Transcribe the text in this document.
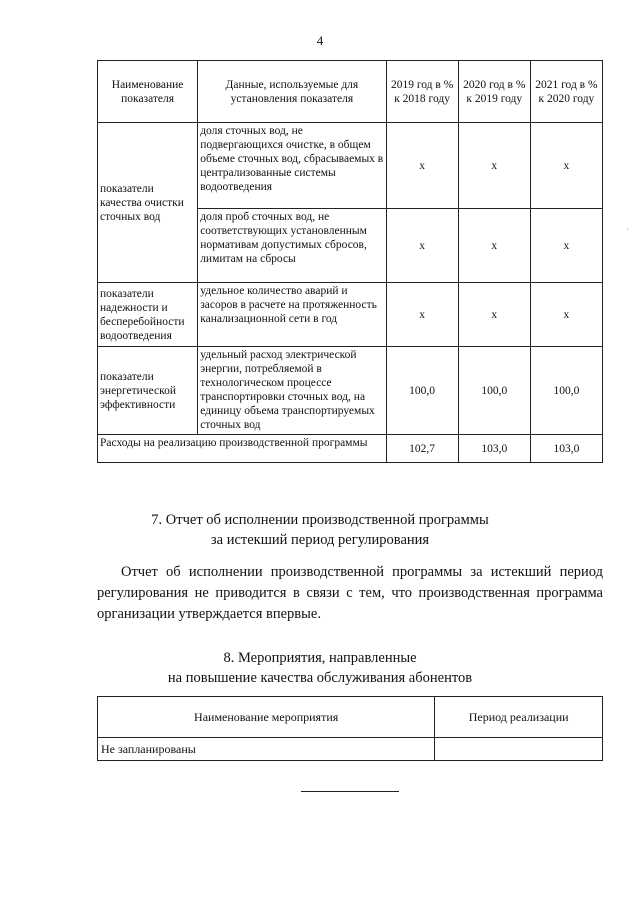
4
Наименование показателя	Данные, используемые для установления показателя	2019 год в % к 2018 году	2020 год в % к 2019 году	2021 год в % к 2020 году
показатели качества очистки сточных вод	доля сточных вод, не подвергающихся очистке, в общем объеме сточных вод, сбрасываемых в централизованные системы водоотведения	x	x	x
	доля проб сточных вод, не соответствующих установленным нормативам допустимых сбросов, лимитам на сбросы	x	x	x
показатели надежности и бесперебойности водоотведения	удельное количество аварий и засоров в расчете на протяженность канализационной сети в год	x	x	x
показатели энергетической эффективности	удельный расход электрической энергии, потребляемой в технологическом процессе транспортировки сточных вод, на единицу объема транспортируемых сточных вод	100,0	100,0	100,0
Расходы на реализацию производственной программы		102,7	103,0	103,0
7. Отчет об исполнении производственной программы
за истекший период регулирования
Отчет об исполнении производственной программы за истекший период регулирования не приводится в связи с тем, что производственная программа организации утверждается впервые.
8. Мероприятия, направленные
на повышение качества обслуживания абонентов
Наименование мероприятия	Период реализации
Не запланированы	
·
